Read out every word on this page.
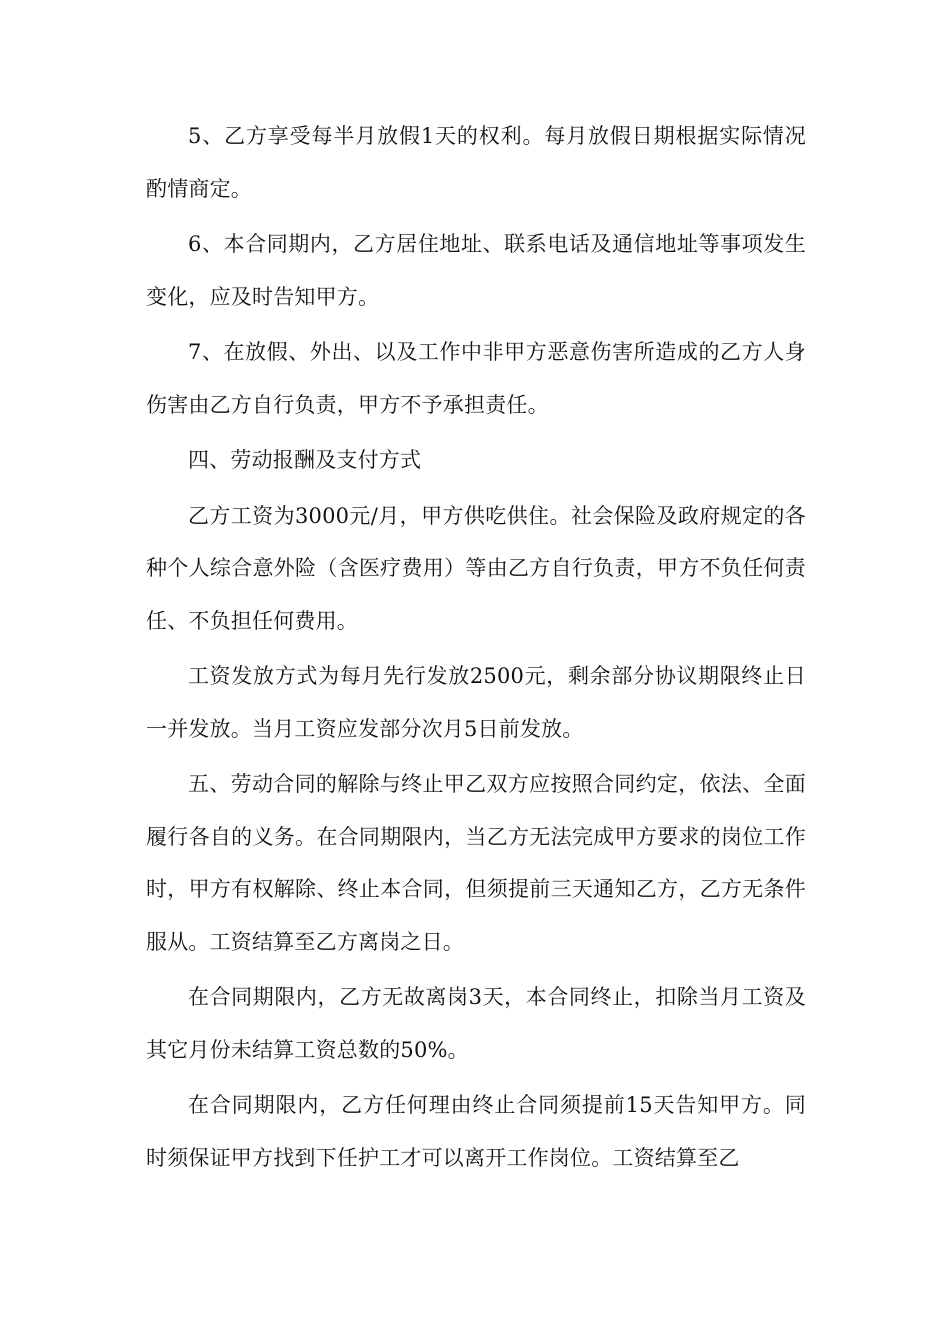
5、乙方享受每半月放假1天的权利。每月放假日期根据实际情况酌情商定。

6、本合同期内，乙方居住地址、联系电话及通信地址等事项发生变化，应及时告知甲方。

7、在放假、外出、以及工作中非甲方恶意伤害所造成的乙方人身伤害由乙方自行负责，甲方不予承担责任。

四、劳动报酬及支付方式

乙方工资为3000元/月，甲方供吃供住。社会保险及政府规定的各种个人综合意外险（含医疗费用）等由乙方自行负责，甲方不负任何责任、不负担任何费用。

工资发放方式为每月先行发放2500元，剩余部分协议期限终止日一并发放。当月工资应发部分次月5日前发放。

五、劳动合同的解除与终止甲乙双方应按照合同约定，依法、全面履行各自的义务。在合同期限内，当乙方无法完成甲方要求的岗位工作时，甲方有权解除、终止本合同，但须提前三天通知乙方，乙方无条件服从。工资结算至乙方离岗之日。

在合同期限内，乙方无故离岗3天，本合同终止，扣除当月工资及其它月份未结算工资总数的50%。

在合同期限内，乙方任何理由终止合同须提前15天告知甲方。同时须保证甲方找到下任护工才可以离开工作岗位。工资结算至乙
